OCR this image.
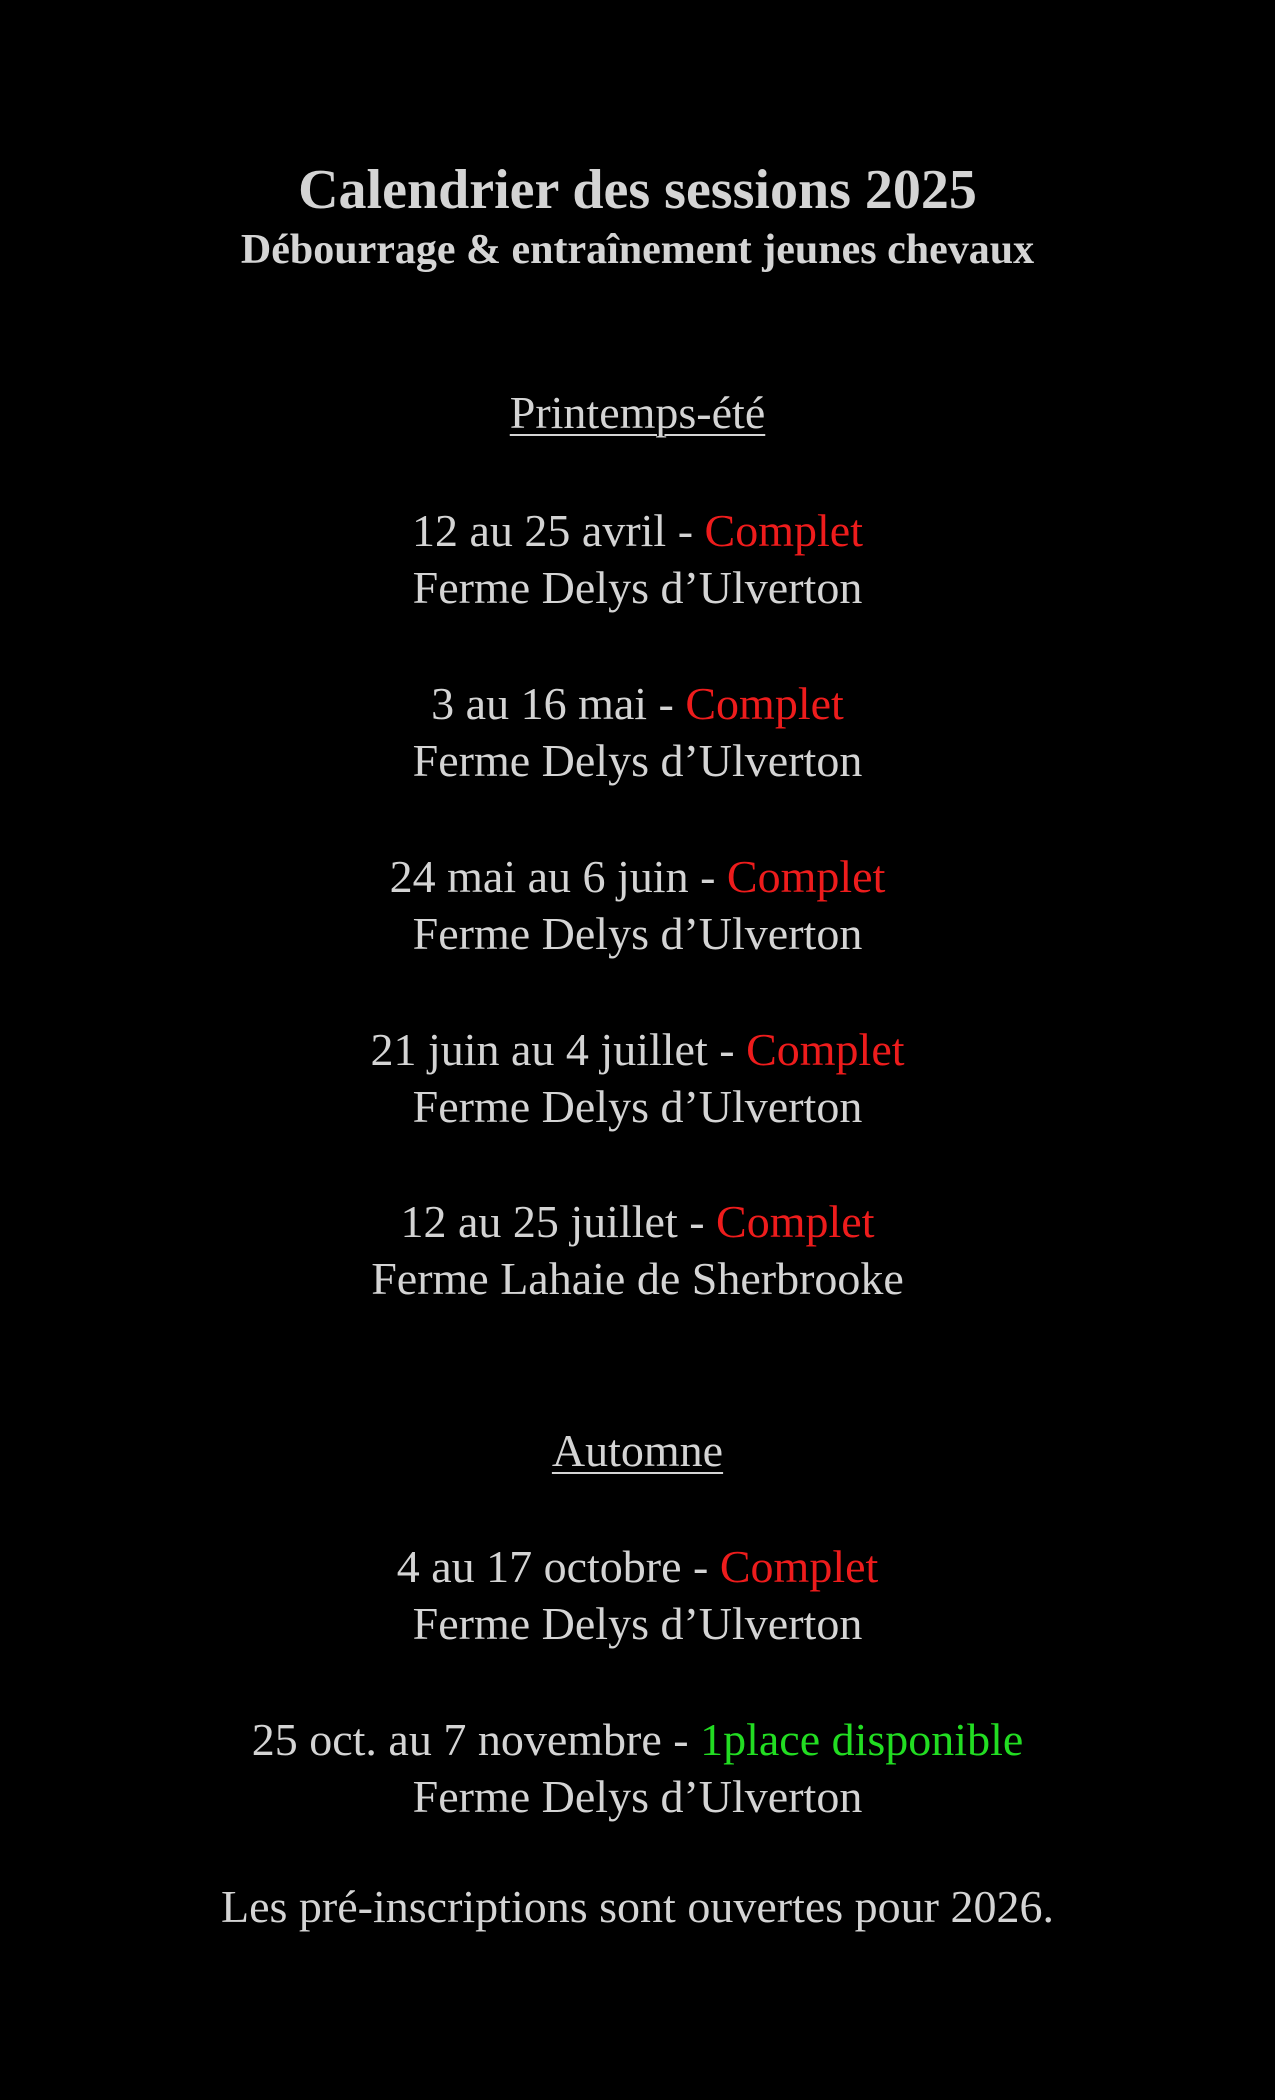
Calendrier des sessions 2025
Débourrage & entraînement jeunes chevaux
Printemps-été
12 au 25 avril - Complet
Ferme Delys d’Ulverton
3 au 16 mai - Complet
Ferme Delys d’Ulverton
24 mai au 6 juin - Complet
Ferme Delys d’Ulverton
21 juin au 4 juillet - Complet
Ferme Delys d’Ulverton
12 au 25 juillet - Complet
Ferme Lahaie de Sherbrooke
Automne
4 au 17 octobre - Complet
Ferme Delys d’Ulverton
25 oct. au 7 novembre - 1place disponible
Ferme Delys d’Ulverton

Les pré-inscriptions sont ouvertes pour 2026.
